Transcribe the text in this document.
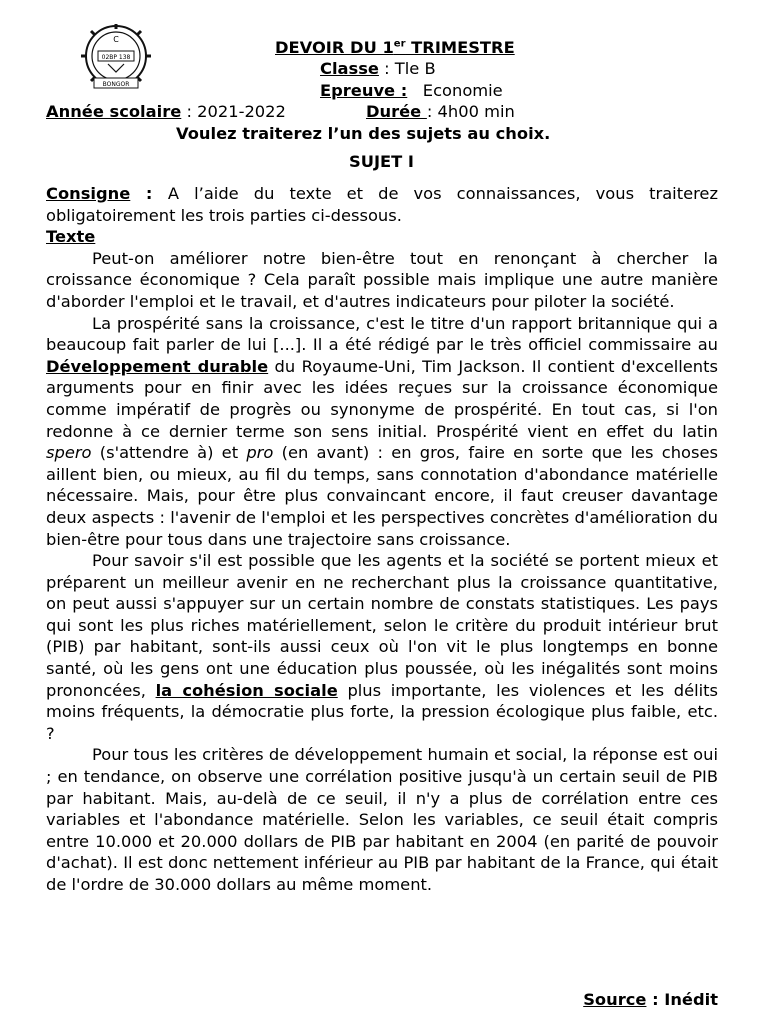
DEVOIR DU 1er TRIMESTRE
Classe : Tle B
Epreuve :   Economie
Année scolaire : 2021-2022	Durée : 4h00 min
Voulez traiterez l’un des sujets au choix.
SUJET I

Consigne : A l’aide du texte et de vos connaissances, vous traiterez obligatoirement les trois parties ci-dessous.

Texte

Peut-on améliorer notre bien-être tout en renonçant à chercher la croissance économique ? Cela paraît possible mais implique une autre manière d'aborder l'emploi et le travail, et d'autres indicateurs pour piloter la société.

La prospérité sans la croissance, c'est le titre d'un rapport britannique qui a beaucoup fait parler de lui [...]. Il a été rédigé par le très officiel commissaire au Développement durable du Royaume-Uni, Tim Jackson. Il contient d'excellents arguments pour en finir avec les idées reçues sur la croissance économique comme impératif de progrès ou synonyme de prospérité. En tout cas, si l'on redonne à ce dernier terme son sens initial. Prospérité vient en effet du latin spero (s'attendre à) et pro (en avant) : en gros, faire en sorte que les choses aillent bien, ou mieux, au fil du temps, sans connotation d'abondance matérielle nécessaire. Mais, pour être plus convaincant encore, il faut creuser davantage deux aspects : l'avenir de l'emploi et les perspectives concrètes d'amélioration du bien-être pour tous dans une trajectoire sans croissance.

Pour savoir s'il est possible que les agents et la société se portent mieux et préparent un meilleur avenir en ne recherchant plus la croissance quantitative, on peut aussi s'appuyer sur un certain nombre de constats statistiques. Les pays qui sont les plus riches matériellement, selon le critère du produit intérieur brut (PIB) par habitant, sont-ils aussi ceux où l'on vit le plus longtemps en bonne santé, où les gens ont une éducation plus poussée, où les inégalités sont moins prononcées, la cohésion sociale plus importante, les violences et les délits moins fréquents, la démocratie plus forte, la pression écologique plus faible, etc. ?

Pour tous les critères de développement humain et social, la réponse est oui ; en tendance, on observe une corrélation positive jusqu'à un certain seuil de PIB par habitant. Mais, au-delà de ce seuil, il n'y a plus de corrélation entre ces variables et l'abondance matérielle. Selon les variables, ce seuil était compris entre 10.000 et 20.000 dollars de PIB par habitant en 2004 (en parité de pouvoir d'achat). Il est donc nettement inférieur au PIB par habitant de la France, qui était de l'ordre de 30.000 dollars au même moment.

Source : Inédit
02BP 138
C
BONGOR
